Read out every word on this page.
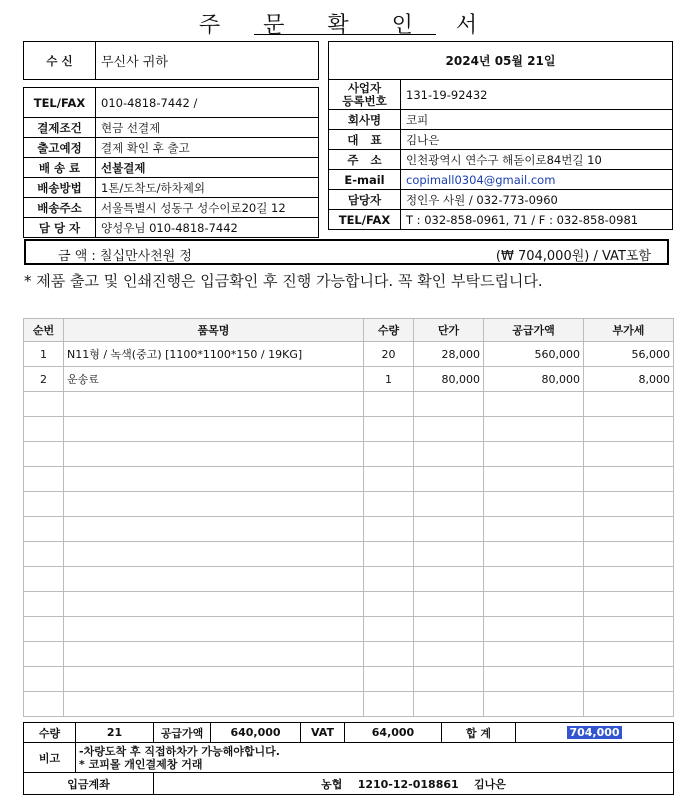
주 문 확 인 서
수 신	무신사 귀하

TEL/FAX	010-4818-7442 /
결제조건	현금 선결제
출고예정	결제 확인 후 출고
배 송 료	선불결제
배송방법	1톤/도착도/하차제외
배송주소	서울특별시 성동구 성수이로20길 12
담 당 자	양성우님 010-4818-7442
2024년 05월 21일	
사업자
등록번호	131-19-92432
회사명	코피
대   표	김나은
주   소	인천광역시 연수구 해돋이로84번길 10
E-mail	copimall0304@gmail.com
담당자	정인우 사원 / 032-773-0960
TEL/FAX	T : 032-858-0961, 71 / F : 032-858-0981
금 액 : 칠십만사천원 정	(₩ 704,000원) / VAT포함
* 제품 출고 및 인쇄진행은 입금확인 후 진행 가능합니다. 꼭 확인 부탁드립니다.
순번	품목명	수량	단가	공급가액	부가세
1	N11형 / 녹색(중고) [1100*1100*150 / 19KG]	20	28,000	560,000	56,000
2	운송료	1	80,000	80,000	8,000

수량	21	공급가액	640,000	VAT	64,000	합 계	704,000
비고	-차량도착 후 직접하차가 가능해야합니다.
* 코피몰 개인결제창 거래						

입금계좌		농협    1210-12-018861    김나은					
